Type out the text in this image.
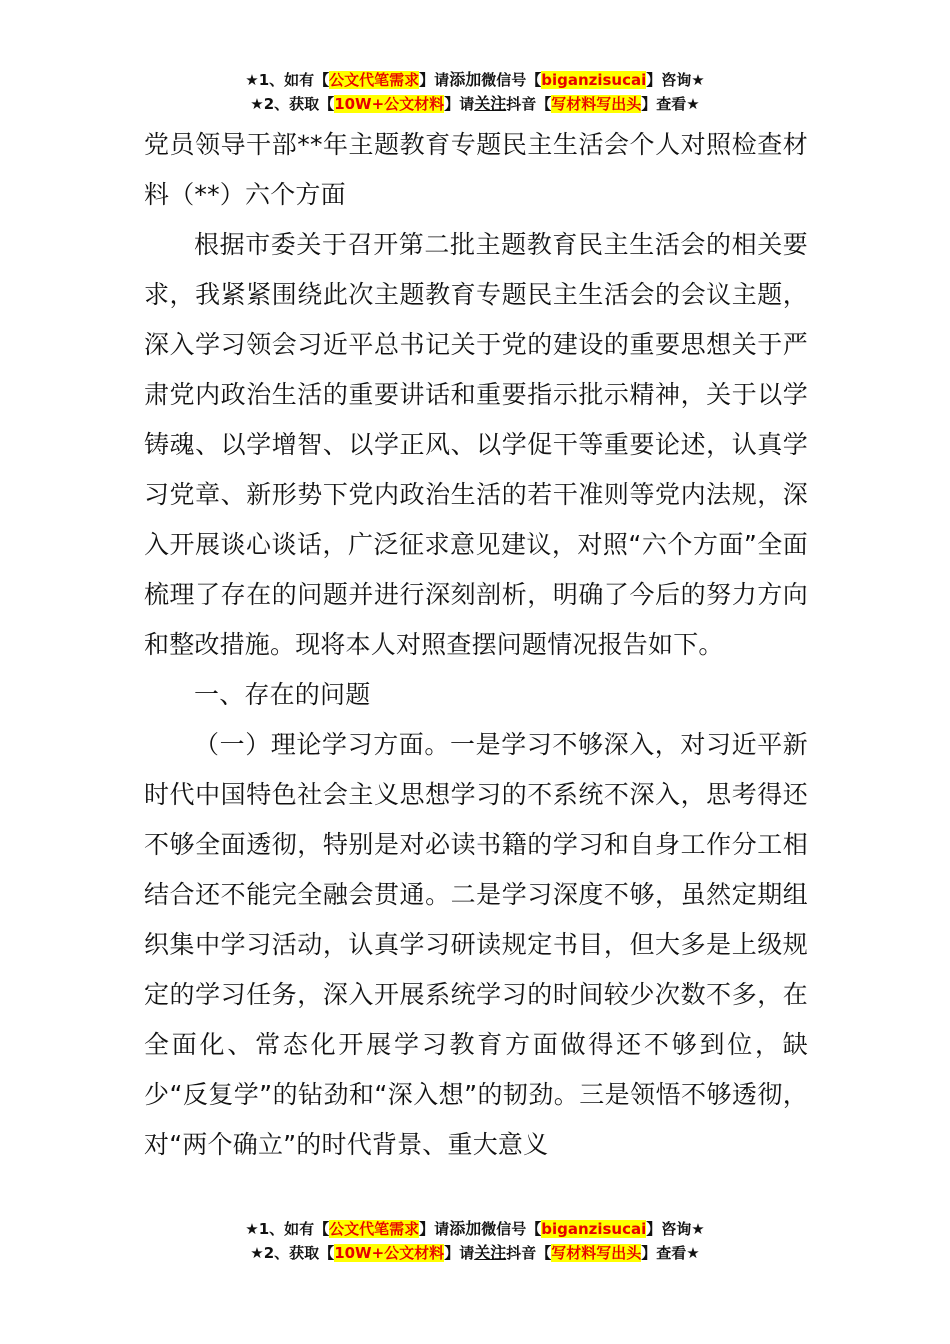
★1、如有【公文代笔需求】请添加微信号【biganzisucai】咨询★
★2、获取【10W+公文材料】请关注抖音【写材料写出头】查看★

党员领导干部**年主题教育专题民主生活会个人对照检查材料（**）六个方面

根据市委关于召开第二批主题教育民主生活会的相关要求，我紧紧围绕此次主题教育专题民主生活会的会议主题，深入学习领会习近平总书记关于党的建设的重要思想关于严肃党内政治生活的重要讲话和重要指示批示精神，关于以学铸魂、以学增智、以学正风、以学促干等重要论述，认真学习党章、新形势下党内政治生活的若干准则等党内法规，深入开展谈心谈话，广泛征求意见建议，对照“六个方面”全面梳理了存在的问题并进行深刻剖析，明确了今后的努力方向和整改措施。现将本人对照查摆问题情况报告如下。

一、存在的问题

（一）理论学习方面。一是学习不够深入，对习近平新时代中国特色社会主义思想学习的不系统不深入，思考得还不够全面透彻，特别是对必读书籍的学习和自身工作分工相结合还不能完全融会贯通。二是学习深度不够，虽然定期组织集中学习活动，认真学习研读规定书目，但大多是上级规定的学习任务，深入开展系统学习的时间较少次数不多，在全面化、常态化开展学习教育方面做得还不够到位，缺少“反复学”的钻劲和“深入想”的韧劲。三是领悟不够透彻，对“两个确立”的时代背景、重大意义

★1、如有【公文代笔需求】请添加微信号【biganzisucai】咨询★
★2、获取【10W+公文材料】请关注抖音【写材料写出头】查看★
